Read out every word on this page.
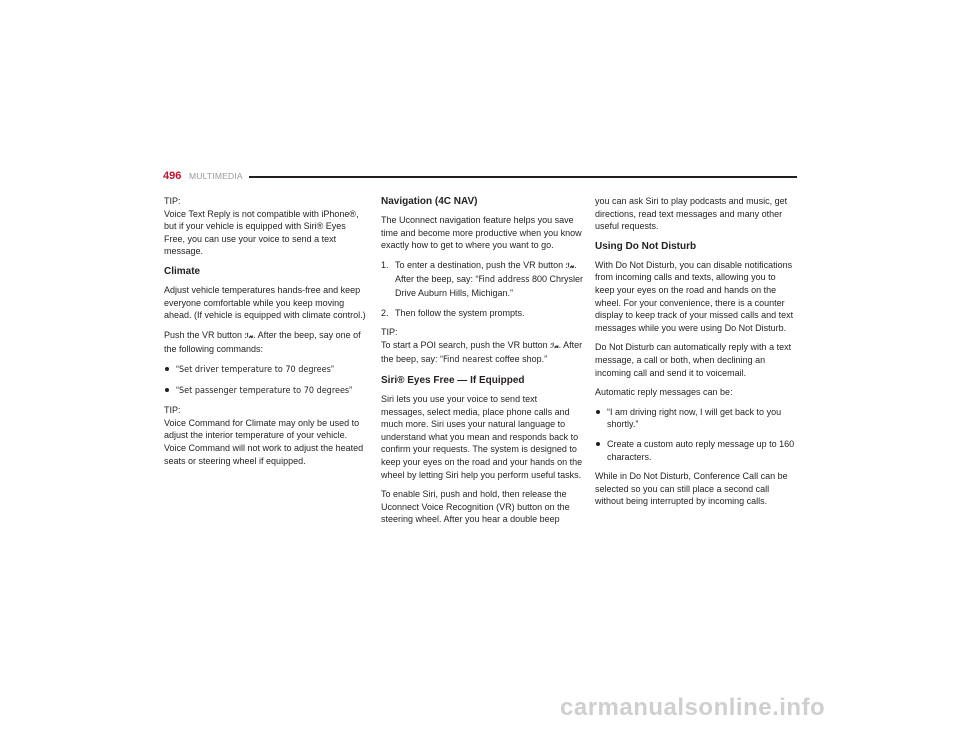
496 MULTIMEDIA

TIP:

Voice Text Reply is not compatible with iPhone®, but if your vehicle is equipped with Siri® Eyes Free, you can use your voice to send a text message.

Climate

Adjust vehicle temperatures hands-free and keep everyone comfortable while you keep moving ahead. (If vehicle is equipped with climate control.)

Push the VR button ℐ𝓃. After the beep, say one of the following commands:

“Set driver temperature to 70 degrees”
“Set passenger temperature to 70 degrees”

TIP:

Voice Command for Climate may only be used to adjust the interior temperature of your vehicle. Voice Command will not work to adjust the heated seats or steering wheel if equipped.

Navigation (4C NAV)

The Uconnect navigation feature helps you save time and become more productive when you know exactly how to get to where you want to go.

1. To enter a destination, push the VR button ℐ𝓃. After the beep, say: “Find address 800 Chrysler Drive Auburn Hills, Michigan.”
2. Then follow the system prompts.

TIP:

To start a POI search, push the VR button ℐ𝓃. After the beep, say: “Find nearest coffee shop.”

Siri® Eyes Free — If Equipped

Siri lets you use your voice to send text messages, select media, place phone calls and much more. Siri uses your natural language to understand what you mean and responds back to confirm your requests. The system is designed to keep your eyes on the road and your hands on the wheel by letting Siri help you perform useful tasks.

To enable Siri, push and hold, then release the Uconnect Voice Recognition (VR) button on the steering wheel. After you hear a double beep

you can ask Siri to play podcasts and music, get directions, read text messages and many other useful requests.

Using Do Not Disturb

With Do Not Disturb, you can disable notifications from incoming calls and texts, allowing you to keep your eyes on the road and hands on the wheel. For your convenience, there is a counter display to keep track of your missed calls and text messages while you were using Do Not Disturb.

Do Not Disturb can automatically reply with a text message, a call or both, when declining an incoming call and send it to voicemail.

Automatic reply messages can be:

“I am driving right now, I will get back to you shortly.”
Create a custom auto reply message up to 160 characters.

While in Do Not Disturb, Conference Call can be selected so you can still place a second call without being interrupted by incoming calls.

carmanualsonline.info
